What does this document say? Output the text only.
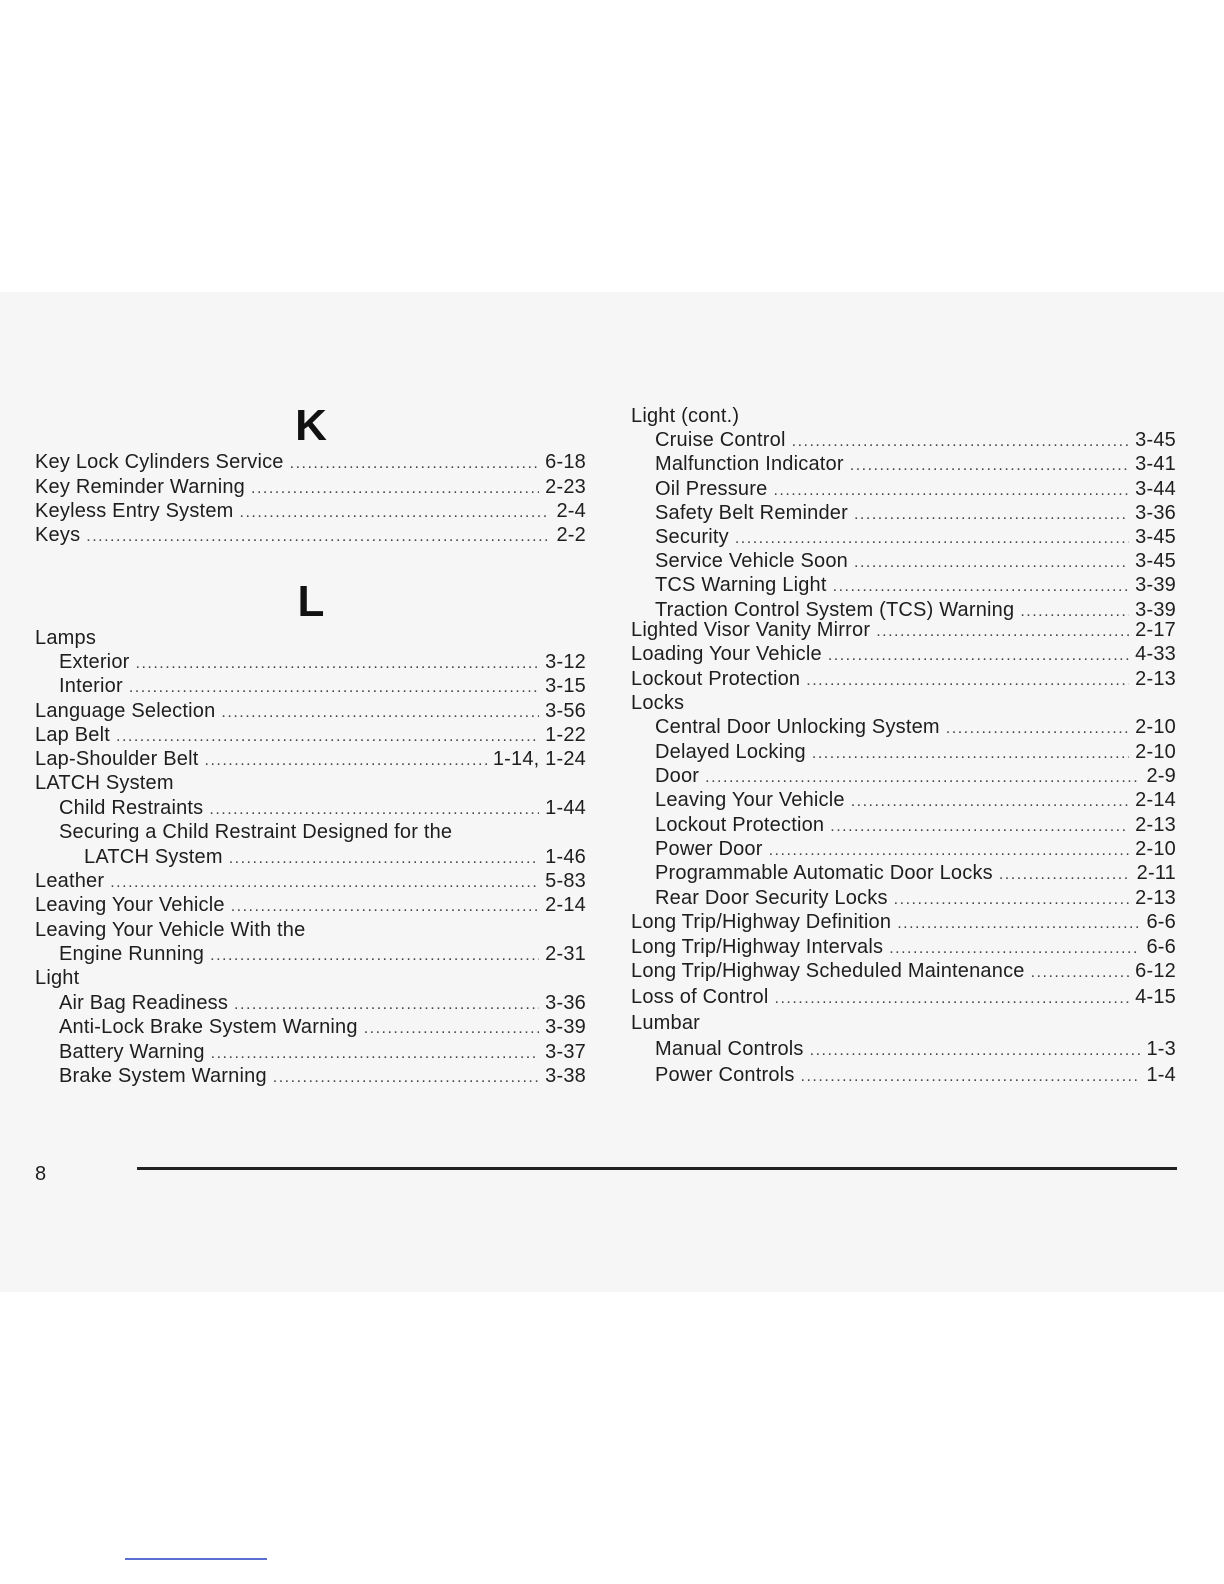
K
Key Lock Cylinders Service .....	6-18
Key Reminder Warning .....	2-23
Keyless Entry System .....	2-4
Keys .....	2-2
L
Lamps
Exterior .....	3-12
Interior .....	3-15
Language Selection .....	3-56
Lap Belt .....	1-22
Lap-Shoulder Belt .....	1-14, 1-24
LATCH System
Child Restraints .....	1-44
Securing a Child Restraint Designed for the
LATCH System .....	1-46
Leather .....	5-83
Leaving Your Vehicle .....	2-14
Leaving Your Vehicle With the
Engine Running .....	2-31
Light
Air Bag Readiness .....	3-36
Anti-Lock Brake System Warning .....	3-39
Battery Warning .....	3-37
Brake System Warning .....	3-38
Light (cont.)
Cruise Control .....	3-45
Malfunction Indicator .....	3-41
Oil Pressure .....	3-44
Safety Belt Reminder .....	3-36
Security .....	3-45
Service Vehicle Soon .....	3-45
TCS Warning Light .....	3-39
Traction Control System (TCS) Warning .....	3-39
Lighted Visor Vanity Mirror .....	2-17
Loading Your Vehicle .....	4-33
Lockout Protection .....	2-13
Locks
Central Door Unlocking System .....	2-10
Delayed Locking .....	2-10
Door .....	2-9
Leaving Your Vehicle .....	2-14
Lockout Protection .....	2-13
Power Door .....	2-10
Programmable Automatic Door Locks .....	2-11
Rear Door Security Locks .....	2-13
Long Trip/Highway Definition .....	6-6
Long Trip/Highway Intervals .....	6-6
Long Trip/Highway Scheduled Maintenance .....	6-12
Loss of Control .....	4-15
Lumbar
Manual Controls .....	1-3
Power Controls .....	1-4
8
